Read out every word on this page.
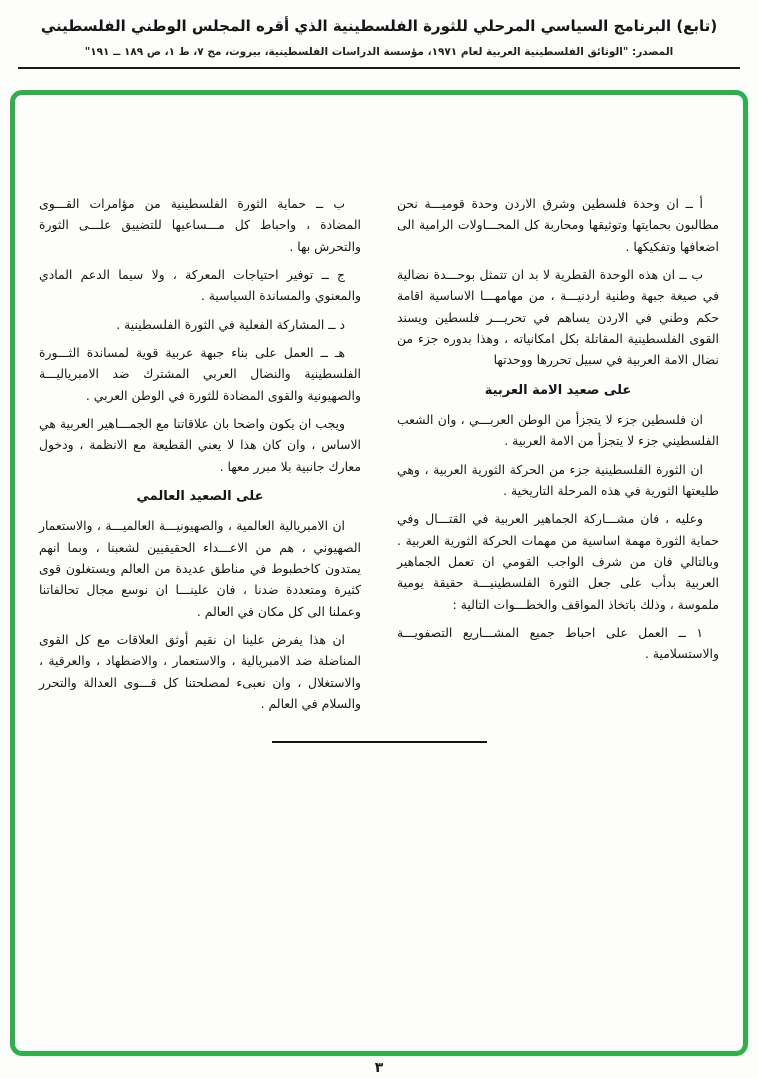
(تابع) البرنامج السياسي المرحلي للثورة الفلسطينية الذي أقره المجلس الوطني الفلسطيني
المصدر: "الوثائق الفلسطينية العربية لعام ١٩٧١، مؤسسة الدراسات الفلسطينية، بيروت، مج ٧، ط ١، ص ١٨٩ ــ ١٩١"

أ ــ ان وحدة فلسطين وشرق الاردن وحدة قوميـــة نحن مطالبون بحمايتها وتوثيقها ومحاربة كل المحـــاولات الرامية الى اضعافها وتفكيكها .

ب ــ ان هذه الوحدة القطرية لا بد ان تتمثل بوحـــدة نضالية في صيغة جبهة وطنية اردنيـــة ، من مهامهـــا الاساسية اقامة حكم وطني في الاردن يساهم في تحريـــر فلسطين ويسند القوى الفلسطينية المقاتلة بكل امكانياته ، وهذا بدوره جزء من نضال الامة العربية في سبيل تحررها ووحدتها

على صعيد الامة العربية

ان فلسطين جزء لا يتجزأ من الوطن العربـــي ، وان الشعب الفلسطيني جزء لا يتجزأ من الامة العربية .

ان الثورة الفلسطينية جزء من الحركة الثورية العربية ، وهي طليعتها الثورية في هذه المرحلة التاريخية .

وعليه ، فان مشـــاركة الجماهير العربية في القتـــال وفي حماية الثورة مهمة اساسية من مهمات الحركة الثورية العربية . وبالتالي فان من شرف الواجب القومي ان تعمل الجماهير العربية بدأب على جعل الثورة الفلسطينيـــة حقيقة يومية ملموسة ، وذلك باتخاذ المواقف والخطـــوات التالية :

١ ــ العمل على احباط جميع المشـــاريع التصفويـــة والاستسلامية .

ب ــ حماية الثورة الفلسطينية من مؤامرات القـــوى المضادة ، واحباط كل مـــساعيها للتضييق علـــى الثورة والتحرش بها .

ج ــ توفير احتياجات المعركة ، ولا سيما الدعم المادي والمعنوي والمساندة السياسية .

د ــ المشاركة الفعلية في الثورة الفلسطينية .

هـ ــ العمل على بناء جبهة عربية قوية لمساندة الثـــورة الفلسطينية والنضال العربي المشترك ضد الامبرياليـــة والصهيونية والقوى المضادة للثورة في الوطن العربي .

ويجب ان يكون واضحا بان علاقاتنا مع الجمـــاهير العربية هي الاساس ، وان كان هذا لا يعني القطيعة مع الانظمة ، ودخول معارك جانبية بلا مبرر معها .

على الصعيد العالمي

ان الامبريالية العالمية ، والصهيونيـــة العالميـــة ، والاستعمار الصهيوني ، هم من الاعـــداء الحقيقيين لشعبنا ، وبما انهم يمتدون كاخطبوط في مناطق عديدة من العالم ويستغلون قوى كثيرة ومتعددة ضدنا ، فان علينـــا ان نوسع مجال تحالفاتنا وعملنا الى كل مكان في العالم .

ان هذا يفرض علينا ان نقيم أوثق العلاقات مع كل القوى المناضلة ضد الامبريالية ، والاستعمار ، والاضطهاد ، والعرقية ، والاستغلال ، وان نعبىء لمصلحتنا كل قـــوى العدالة والتحرر والسلام في العالم .

٣
